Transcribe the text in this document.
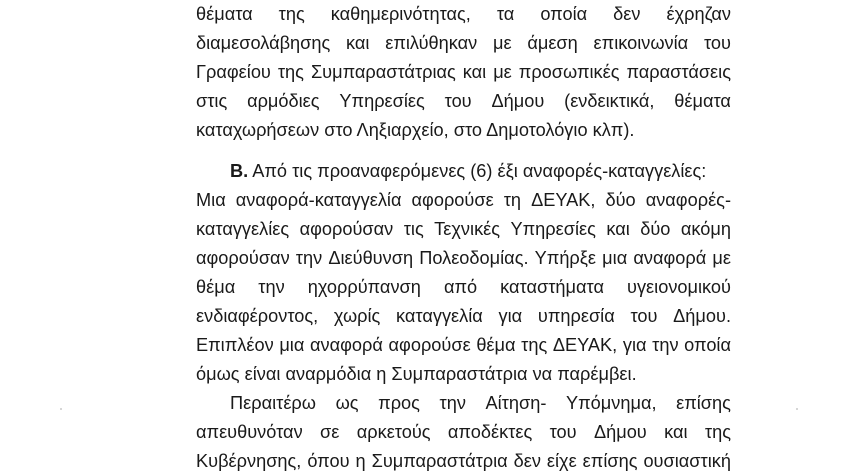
θέματα της καθημερινότητας, τα οποία δεν έχρηζαν
διαμεσολάβησης και επιλύθηκαν με άμεση επικοινωνία του
Γραφείου της Συμπαραστάτριας και με προσωπικές παραστάσεις
στις αρμόδιες Υπηρεσίες του Δήμου (ενδεικτικά, θέματα
καταχωρήσεων στο Ληξιαρχείο, στο Δημοτολόγιο κλπ).
Β. Από τις προαναφερόμενες (6) έξι αναφορές-καταγγελίες:
Μια αναφορά-καταγγελία αφορούσε τη ΔΕΥΑΚ, δύο αναφορές-
καταγγελίες αφορούσαν τις Τεχνικές Υπηρεσίες και δύο ακόμη
αφορούσαν την Διεύθυνση Πολεοδομίας. Υπήρξε μια αναφορά με
θέμα την ηχορρύπανση από καταστήματα υγειονομικού
ενδιαφέροντος, χωρίς καταγγελία για υπηρεσία του Δήμου.
Επιπλέον μια αναφορά αφορούσε θέμα της ΔΕΥΑΚ, για την οποία
όμως είναι αναρμόδια η Συμπαραστάτρια να παρέμβει.
Περαιτέρω ως προς την Αίτηση- Υπόμνημα, επίσης
απευθυνόταν σε αρκετούς αποδέκτες του Δήμου και της
Κυβέρνησης, όπου η Συμπαραστάτρια δεν είχε επίσης ουσιαστική
